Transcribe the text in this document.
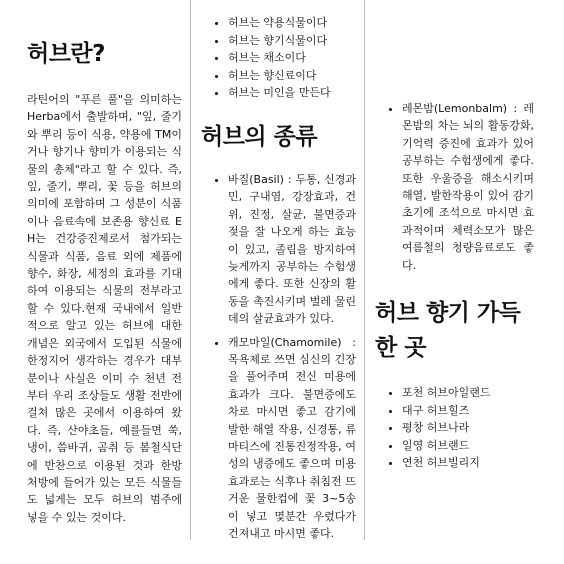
허브란?

라틴어의 "푸른 풀"을 의미하는 Herba에서 출발하며, "잎, 줄기와 뿌리 등이 식용, 약용에 TM이거나 향기나 향미가 이용되는 식물의 총체"라고 할 수 있다. 즉, 잎, 줄기, 뿌리, 꽃 등을 허브의 의미에 포함하며 그 성분이 식품이나 음료속에 보존용 향신료 EH는 건강증진제로서 첨가되는 식물과 식품, 음료 외에 제품에 향수, 화장, 세정의 효과를 기대하여 이용되는 식물의 전부라고 할 수 있다.현재 국내에서 일반적으로 알고 있는 허브에 대한 개념은 외국에서 도입된 식물에 한정지어 생각하는 경우가 대부분이나 사실은 이미 수 천년 전부터 우리 조상들도 생활 전반에 걸쳐 많은 곳에서 이용하여 왔다. 즉, 산야초들, 예를들면 쑥, 냉이, 씀바귀, 곰취 등 봄철식단에 반찬으로 이용된 것과 한방 처방에 들어가 있는 모든 식물들도 넓게는 모두 허브의 범주에 넣을 수 있는 것이다.

• 허브는 약용식물이다
• 허브는 향기식물이다
• 허브는 채소이다
• 허브는 향신료이다
• 허브는 미인을 만든다
허브의 종류
• 바질(Basil) : 두통, 신경과민, 구내염, 강장효과, 건위, 진정, 살균, 불면증과 젖을 잘 나오게 하는 효능이 있고, 졸림을 방지하여 늦게까지 공부하는 수험생에게 좋다. 또한 신장의 활동을 촉진시키며 벌레 물린데의 살균효과가 있다.
• 캐모마일(Chamomile) : 목욕제로 쓰면 심신의 긴장을 풀어주며 전신 미용에 효과가 크다. 불면증에도 차로 마시면 좋고 감기에 발한 해열 작용, 신경통, 류마티스에 진통진정작용, 여성의 냉증에도 좋으며 미용효과로는 식후나 취침전 뜨거운 물한컵에 꽃 3~5송이 넣고 몇분간 우렸다가 건져내고 마시면 좋다.
• 레몬밤(Lemonbalm) : 레몬밤의 차는 뇌의 활동강화, 기억력 증진에 효과가 있어 공부하는 수험생에게 좋다. 또한 우울증을 해소시키며 해열, 발한작용이 있어 감기 초기에 조석으로 마시면 효과적이며 체력소모가 많은 여름철의 청량음료로도 좋다.
허브 향기 가득한 곳
• 포천 허브아일랜드
• 대구 허브힐즈
• 평창 허브나라
• 일영 허브랜드
• 연천 허브빌리지
